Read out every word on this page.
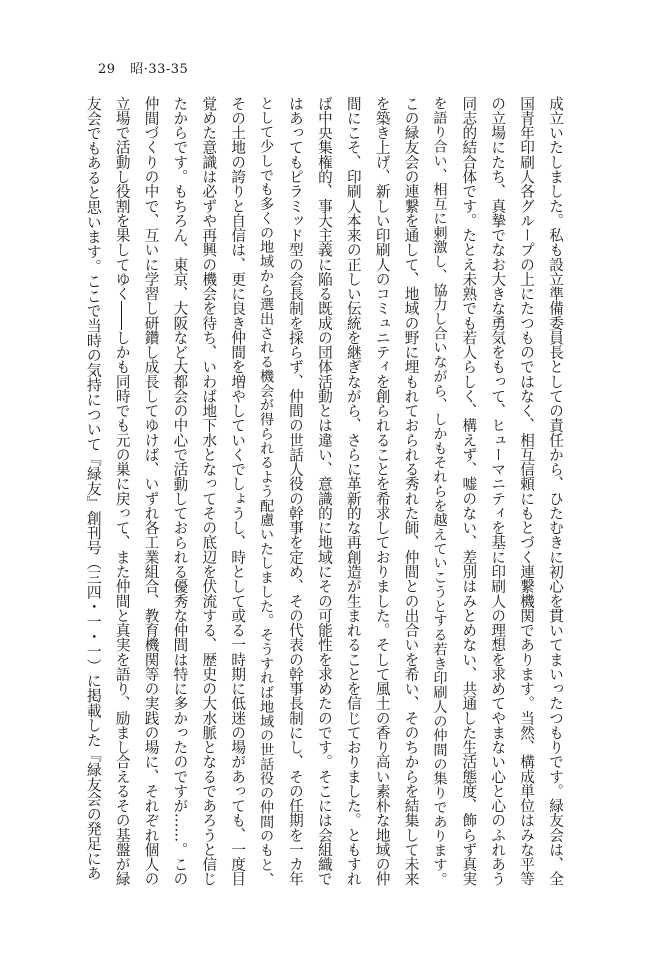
29 昭·33-35
成立いたしました。私も設立準備委員長としての責任から、ひたむきに初心を貫いてまいったつもりです。緑友会は、全
国青年印刷人各グループの上にたつものではなく、相互信頼にもとづく連繋機関であります。当然、構成単位はみな平等
の立場にたち、真摯でなお大きな勇気をもって、ヒューマニティを基に印刷人の理想を求めてやまない心と心のふれあう
同志的結合体です。たとえ未熟でも若人らしく、構えず、嘘のない、差別はみとめない、共通した生活態度、飾らず真実
を語り合い、相互に刺激し、協力し合いながら、しかもそれらを越えていこうとする若き印刷人の仲間の集りであります。
この緑友会の連繋を通して、地域の野に埋もれておられる秀れた師、仲間との出合いを希い、そのちからを結集して未来
を築き上げ、新しい印刷人のコミュニティを創られることを希求しておりました。そして風土の香り高い素朴な地域の仲
間にこそ、印刷人本来の正しい伝統を継ぎながら、さらに革新的な再創造が生まれることを信じておりました。ともすれ
ば中央集権的、事大主義に陥る既成の団体活動とは違い、意識的に地域にその可能性を求めたのです。そこには会組織で
はあってもピラミッド型の会長制を採らず、仲間の世話人役の幹事を定め、その代表の幹事長制にし、その任期を一カ年
として少しでも多くの地域から選出される機会が得られるよう配慮いたしました。そうすれば地域の世話役の仲間のもと、
その土地の誇りと自信は、更に良き仲間を増やしていくでしょうし、時として或る一時期に低迷の場があっても、一度目
覚めた意識は必ずや再興の機会を待ち、いわば地下水となってその底辺を伏流する、歴史の大水脈となるであろうと信じ
たからです。もちろん、東京、大阪など大都会の中心で活動しておられる優秀な仲間は特に多かったのですが……。この
仲間づくりの中で、互いに学習し研鑽し成長してゆけば、いずれ各工業組合、教育機関等の実践の場に、それぞれ個人の
立場で活動し役割を果してゆく――しかも同時でも元の巣に戻って、また仲間と真実を語り、励まし合えるその基盤が緑
友会でもあると思います。ここで当時の気持について『緑友』創刊号（三四・一・一）に掲載した『緑友会の発足にあ
